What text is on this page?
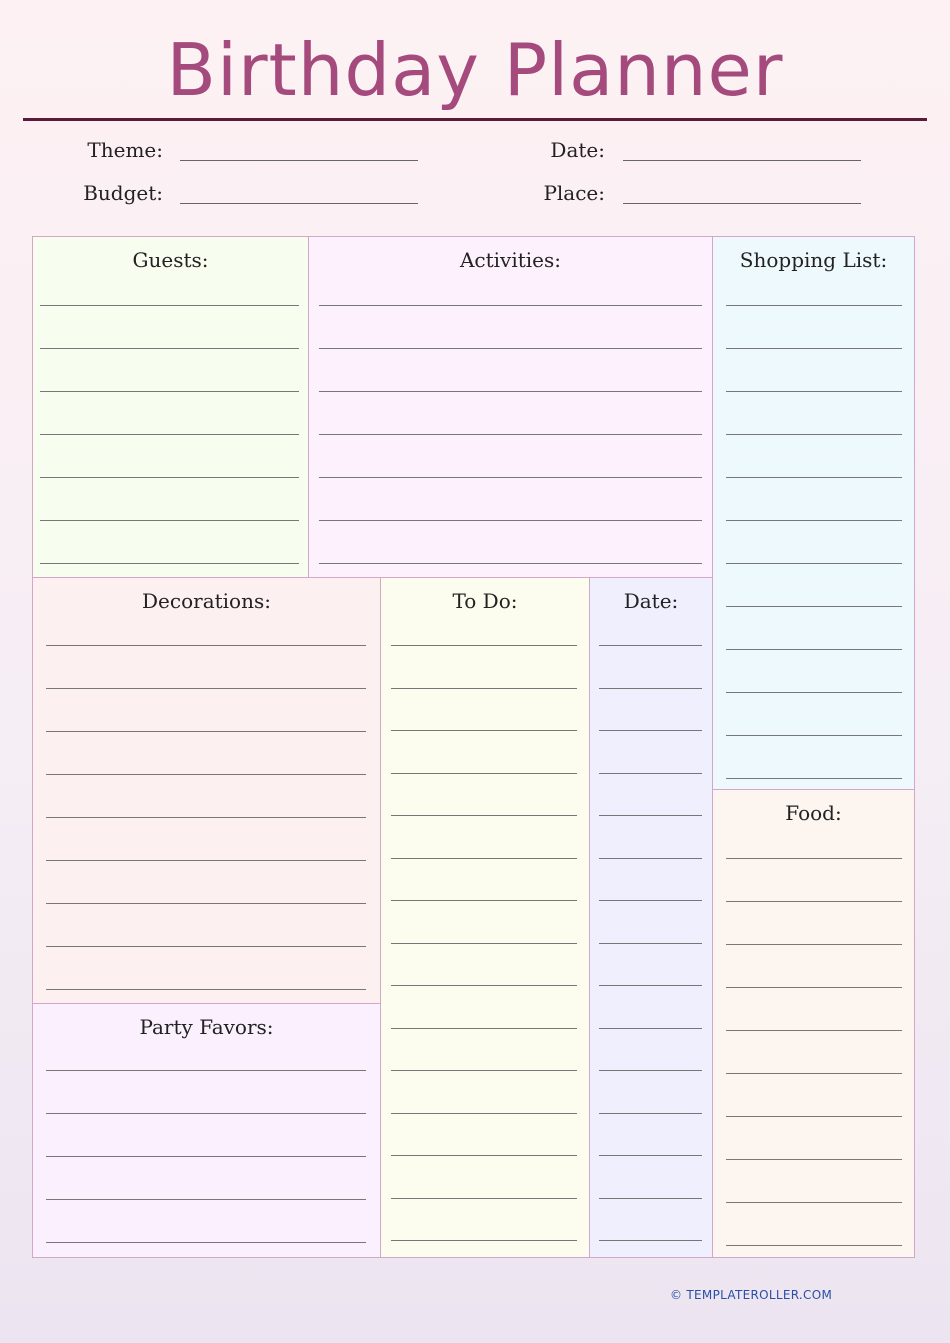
Birthday Planner
Theme:	Date:
Budget:	Place:
Guests:	Activities:	Shopping List:
Decorations:	To Do:	Date:
Food:
Party Favors:
© TEMPLATEROLLER.COM
